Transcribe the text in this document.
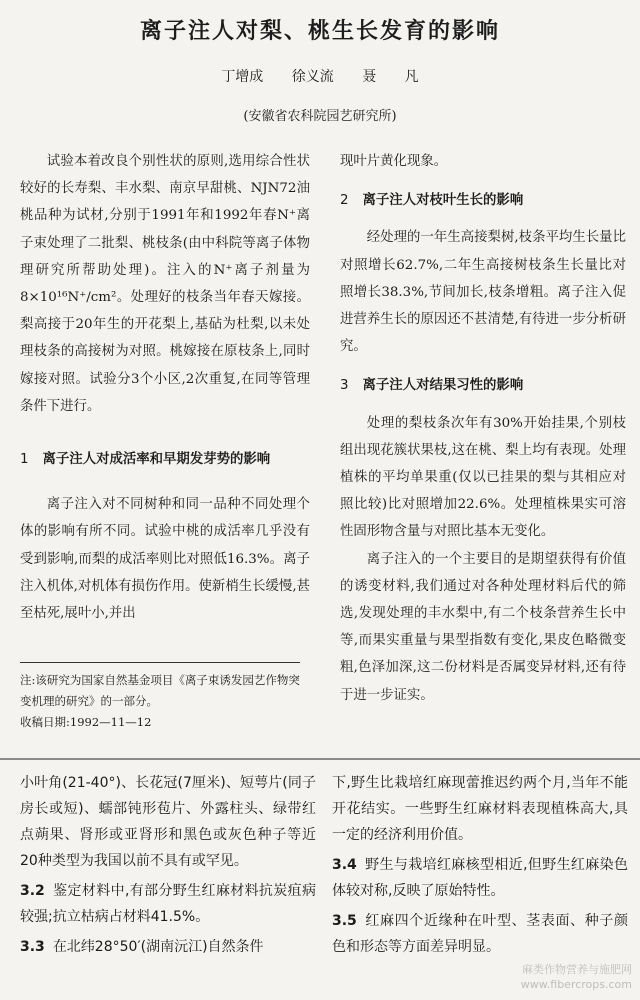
离子注人对梨、桃生长发育的影响
丁增成 徐义流 聂 凡
(安徽省农科院园艺研究所)

试验本着改良个别性状的原则,选用综合性状较好的长寿梨、丰水梨、南京早甜桃、NJN72油桃品种为试材,分别于1991年和1992年春N⁺离子束处理了二批梨、桃枝条(由中科院等离子体物理研究所帮助处理)。注入的N⁺离子剂量为8×10¹⁶N⁺/cm²。处理好的枝条当年春天嫁接。梨高接于20年生的开花梨上,基砧为杜梨,以未处理枝条的高接树为对照。桃嫁接在原枝条上,同时嫁接对照。试验分3个小区,2次重复,在同等管理条件下进行。

1 离子注人对成活率和早期发芽势的影响

离子注入对不同树种和同一品种不同处理个体的影响有所不同。试验中桃的成活率几乎没有受到影响,而梨的成活率则比对照低16.3%。离子注入机体,对机体有损伤作用。使新梢生长缓慢,甚至枯死,展叶小,并出

注:该研究为国家自然基金项目《离子束诱发园艺作物突变机理的研究》的一部分。
收稿日期:1992—11—12

现叶片黄化现象。

2 离子注人对枝叶生长的影响

经处理的一年生高接梨树,枝条平均生长量比对照增长62.7%,二年生高接树枝条生长量比对照增长38.3%,节间加长,枝条增粗。离子注入促进营养生长的原因还不甚清楚,有待进一步分析研究。

3 离子注人对结果习性的影响

处理的梨枝条次年有30%开始挂果,个别枝组出现花簇状果枝,这在桃、梨上均有表现。处理植株的平均单果重(仅以已挂果的梨与其相应对照比较)比对照增加22.6%。处理植株果实可溶性固形物含量与对照比基本无变化。

离子注入的一个主要目的是期望获得有价值的诱变材料,我们通过对各种处理材料后代的筛选,发现处理的丰水梨中,有二个枝条营养生长中等,而果实重量与果型指数有变化,果皮色略微变粗,色泽加深,这二份材料是否属变异材料,还有待于进一步证实。

小叶角(21-40°)、长花冠(7厘米)、短萼片(同子房长或短)、蠕部钝形苞片、外露柱头、绿带红点蒴果、肾形或亚肾形和黑色或灰色种子等近20种类型为我国以前不具有或罕见。

3.2 鉴定材料中,有部分野生红麻材料抗炭疽病较强;抗立枯病占材料41.5%。

3.3 在北纬28°50′(湖南沅江)自然条件

下,野生比栽培红麻现蕾推迟约两个月,当年不能开花结实。一些野生红麻材料表现植株高大,具一定的经济利用价值。

3.4 野生与栽培红麻核型相近,但野生红麻染色体较对称,反映了原始特性。

3.5 红麻四个近缘种在叶型、茎表面、种子颜色和形态等方面差异明显。

麻类作物营养与施肥网
www.fibercrops.com
